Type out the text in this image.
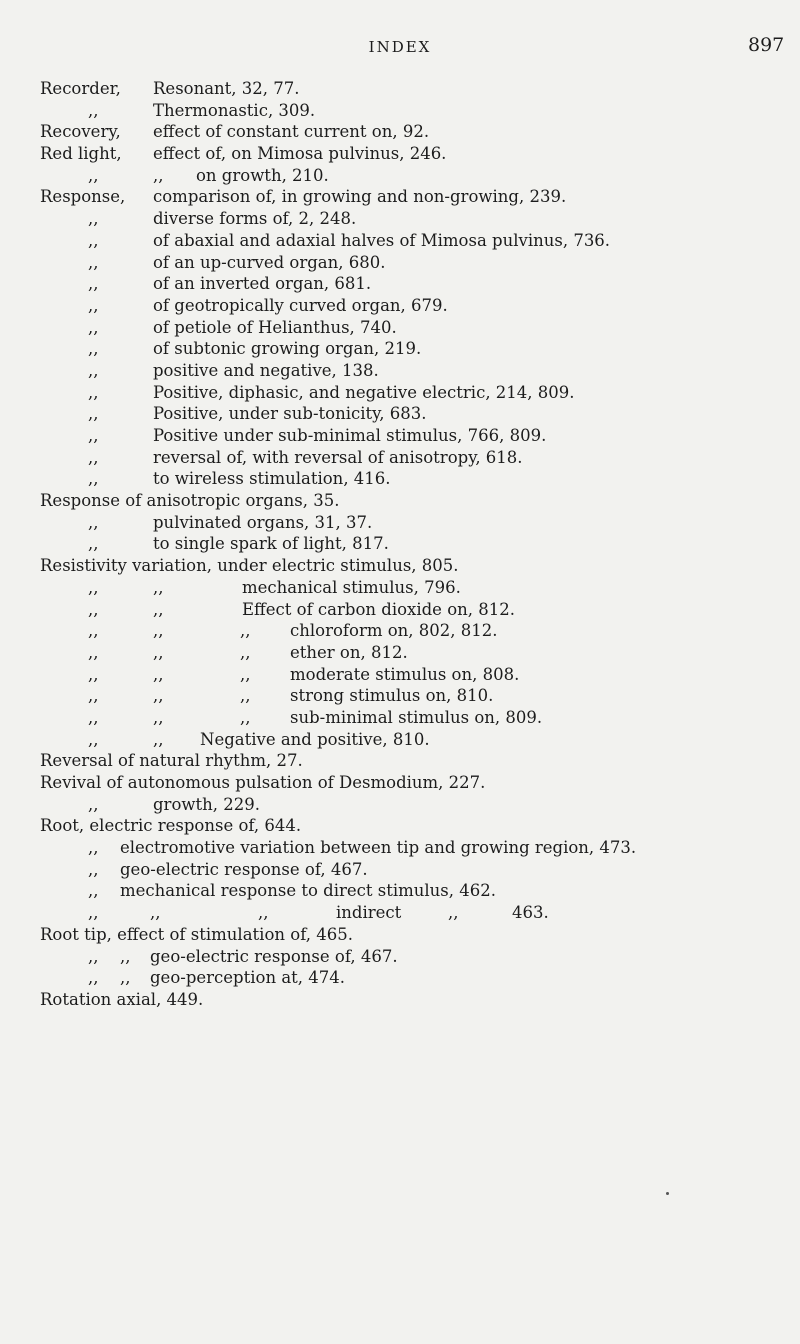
INDEX	897
Recorder, Resonant, 32, 77.
,,	Thermonastic, 309.
Recovery, effect of constant current on, 92.
Red light, effect of, on Mimosa pulvinus, 246.
,,	,, on growth, 210.
Response, comparison of, in growing and non-growing, 239.
,,	diverse forms of, 2, 248.
,,	of abaxial and adaxial halves of Mimosa pulvinus, 736.
,,	of an up-curved organ, 680.
,,	of an inverted organ, 681.
,,	of geotropically curved organ, 679.
,,	of petiole of Helianthus, 740.
,,	of subtonic growing organ, 219.
,,	positive and negative, 138.
,,	Positive, diphasic, and negative electric, 214, 809.
,,	Positive, under sub-tonicity, 683.
,,	Positive under sub-minimal stimulus, 766, 809.
,,	reversal of, with reversal of anisotropy, 618.
,,	to wireless stimulation, 416.
Response of anisotropic organs, 35.
,,	pulvinated organs, 31, 37.
,,	to single spark of light, 817.
Resistivity variation, under electric stimulus, 805.
,,	,,	mechanical stimulus, 796.
,,	,,	Effect of carbon dioxide on, 812.
,,	,,	,, chloroform on, 802, 812.
,,	,,	,, ether on, 812.
,,	,,	,, moderate stimulus on, 808.
,,	,,	,, strong stimulus on, 810.
,,	,,	,, sub-minimal stimulus on, 809.
,,	,, Negative and positive, 810.
Reversal of natural rhythm, 27.
Revival of autonomous pulsation of Desmodium, 227.
,,	growth, 229.
Root, electric response of, 644.
,, electromotive variation between tip and growing region, 473.
,, geo-electric response of, 467.
,, mechanical response to direct stimulus, 462.
,,	,,	,,	indirect	,,	463.
Root tip, effect of stimulation of, 465.
,, ,, geo-electric response of, 467.
,, ,, geo-perception at, 474.
Rotation axial, 449.
